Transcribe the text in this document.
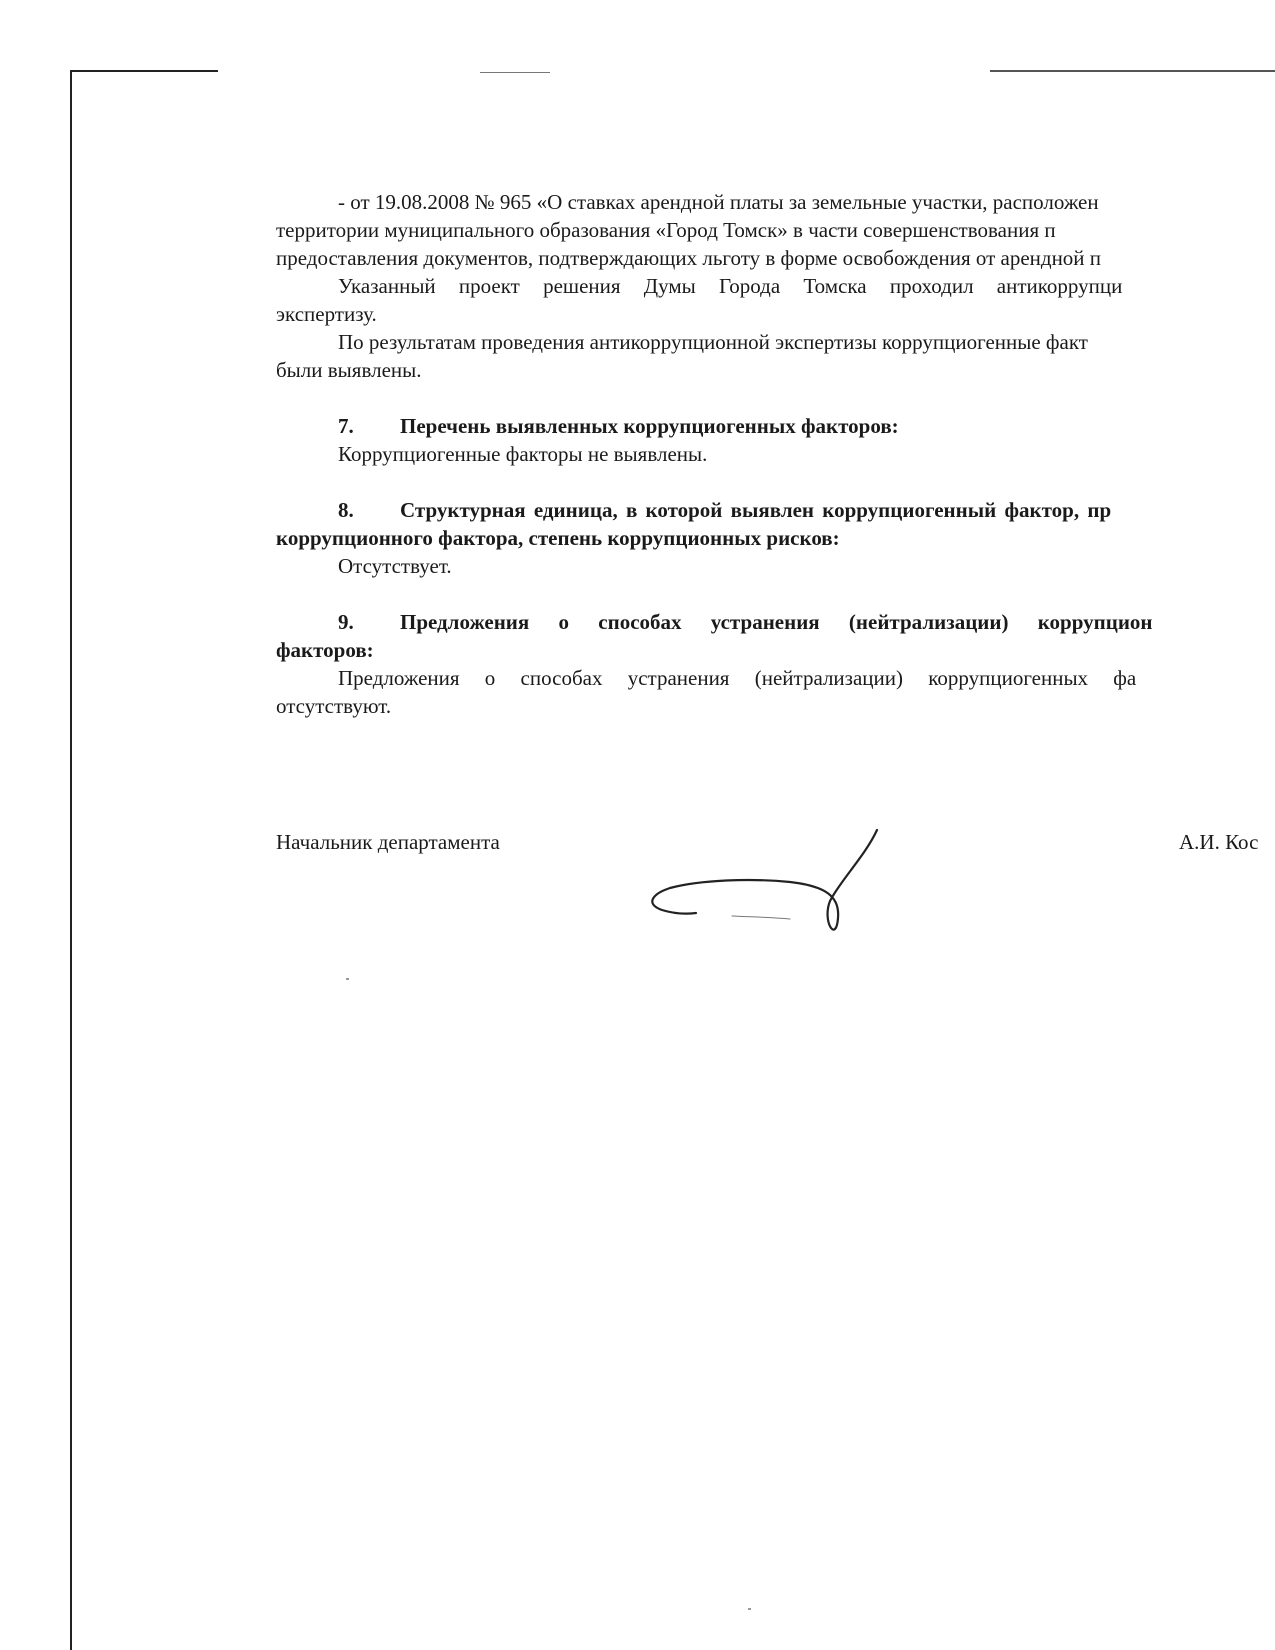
- от 19.08.2008 № 965 «О ставках арендной платы за земельные участки, расположен
территории муниципального образования «Город Томск» в части совершенствования п
предоставления документов, подтверждающих льготу в форме освобождения от арендной п
Указанный проект решения Думы Города Томска проходил антикоррупци
экспертизу.
По результатам проведения антикоррупционной экспертизы коррупциогенные факт
были выявлены.
7. Перечень выявленных коррупциогенных факторов:
Коррупциогенные факторы не выявлены.
8. Структурная единица, в которой выявлен коррупциогенный фактор, пр
коррупционного фактора, степень коррупционных рисков:
Отсутствует.
9. Предложения о способах устранения (нейтрализации) коррупцион
факторов:
Предложения о способах устранения (нейтрализации) коррупциогенных фа
отсутствуют.
Начальник департамента	А.И. Кос
